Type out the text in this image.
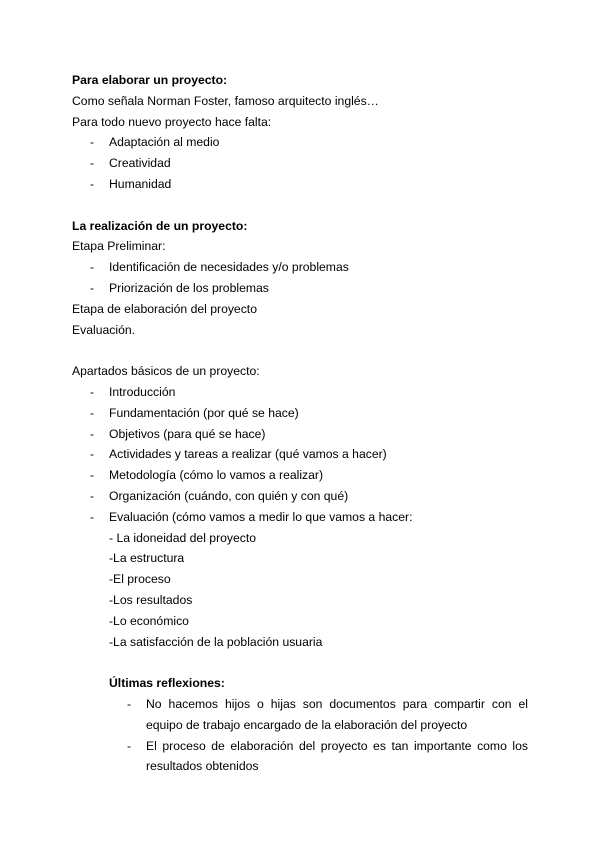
Para elaborar un proyecto:
Como señala Norman Foster, famoso arquitecto inglés…
Para todo nuevo proyecto hace falta:
- Adaptación al medio
- Creatividad
- Humanidad
La realización de un proyecto:
Etapa Preliminar:
- Identificación de necesidades y/o problemas
- Priorización de los problemas
Etapa de elaboración del proyecto
Evaluación.
Apartados básicos de un proyecto:
- Introducción
- Fundamentación (por qué se hace)
- Objetivos (para qué se hace)
- Actividades y tareas a realizar (qué vamos a hacer)
- Metodología (cómo lo vamos a realizar)
- Organización (cuándo, con quién y con qué)
- Evaluación (cómo vamos a medir lo que vamos a hacer:
- La idoneidad del proyecto
-La estructura
-El proceso
-Los resultados
-Lo económico
-La satisfacción de la población usuaria
Últimas reflexiones:
- No hacemos hijos o hijas son documentos para compartir con el
equipo de trabajo encargado de la elaboración del proyecto
- El proceso de elaboración del proyecto es tan importante como los
resultados obtenidos
